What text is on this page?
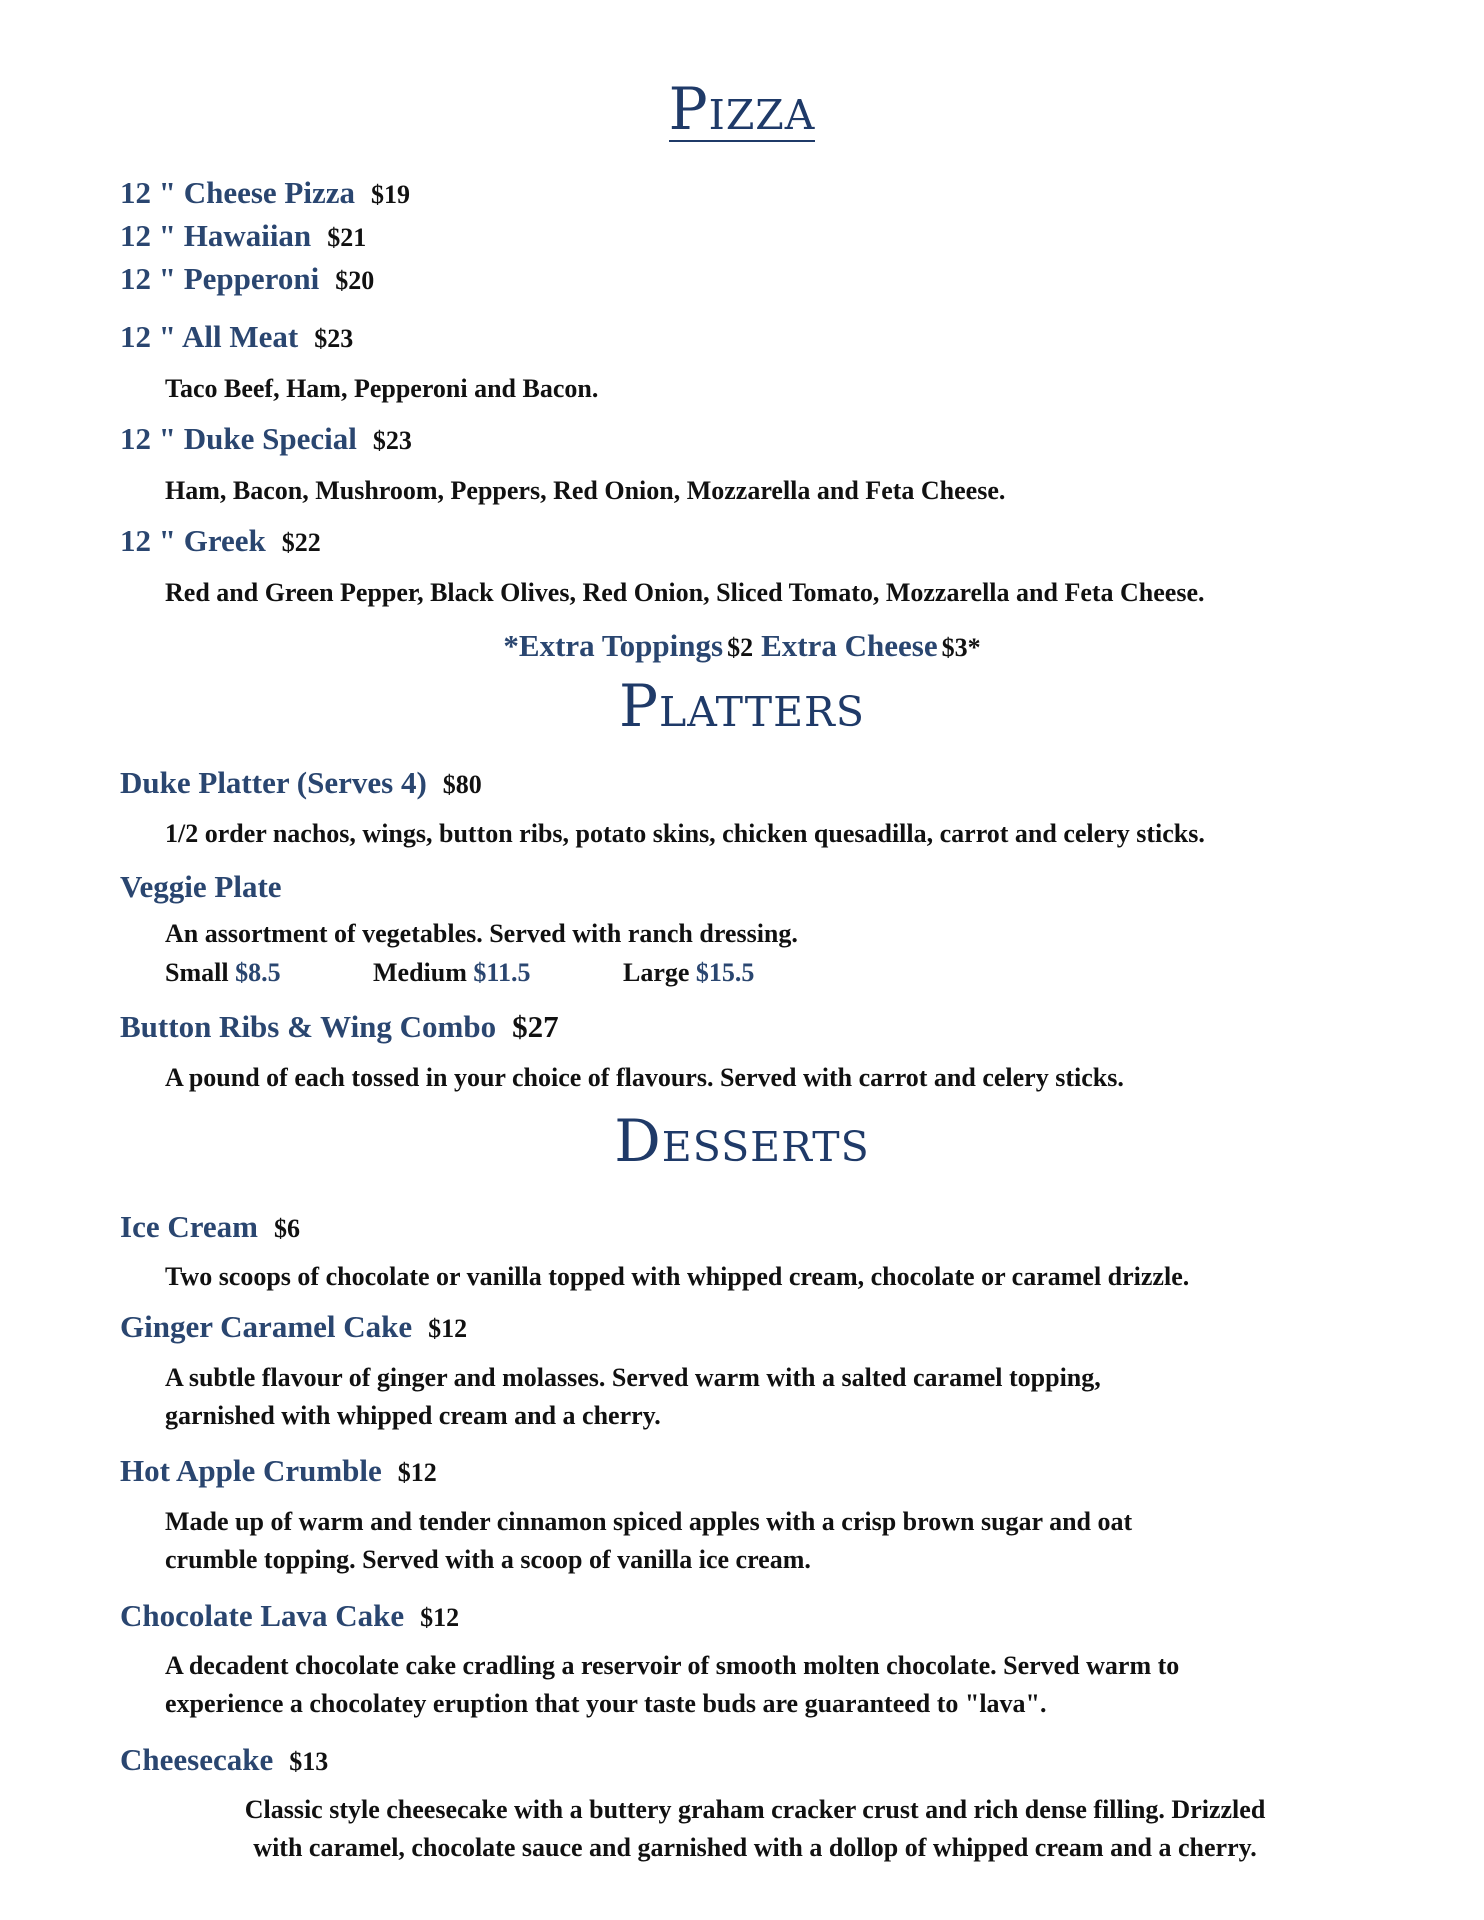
Pizza
12 " Cheese Pizza $19
12 " Hawaiian $21
12 " Pepperoni $20
12 " All Meat $23
Taco Beef, Ham, Pepperoni and Bacon.
12 " Duke Special $23
Ham, Bacon, Mushroom, Peppers, Red Onion, Mozzarella and Feta Cheese.
12 " Greek $22
Red and Green Pepper, Black Olives, Red Onion, Sliced Tomato, Mozzarella and Feta Cheese.
*Extra Toppings $2 Extra Cheese $3*
Platters
Duke Platter (Serves 4) $80
1/2 order nachos, wings, button ribs, potato skins, chicken quesadilla, carrot and celery sticks.
Veggie Plate
An assortment of vegetables. Served with ranch dressing.
Small $8.5	Medium $11.5	Large $15.5
Button Ribs & Wing Combo $27
A pound of each tossed in your choice of flavours. Served with carrot and celery sticks.
Desserts
Ice Cream $6
Two scoops of chocolate or vanilla topped with whipped cream, chocolate or caramel drizzle.
Ginger Caramel Cake $12
A subtle flavour of ginger and molasses. Served warm with a salted caramel topping,
garnished with whipped cream and a cherry.
Hot Apple Crumble $12
Made up of warm and tender cinnamon spiced apples with a crisp brown sugar and oat
crumble topping. Served with a scoop of vanilla ice cream.
Chocolate Lava Cake $12
A decadent chocolate cake cradling a reservoir of smooth molten chocolate. Served warm to
experience a chocolatey eruption that your taste buds are guaranteed to "lava".
Cheesecake $13
Classic style cheesecake with a buttery graham cracker crust and rich dense filling. Drizzled
with caramel, chocolate sauce and garnished with a dollop of whipped cream and a cherry.
